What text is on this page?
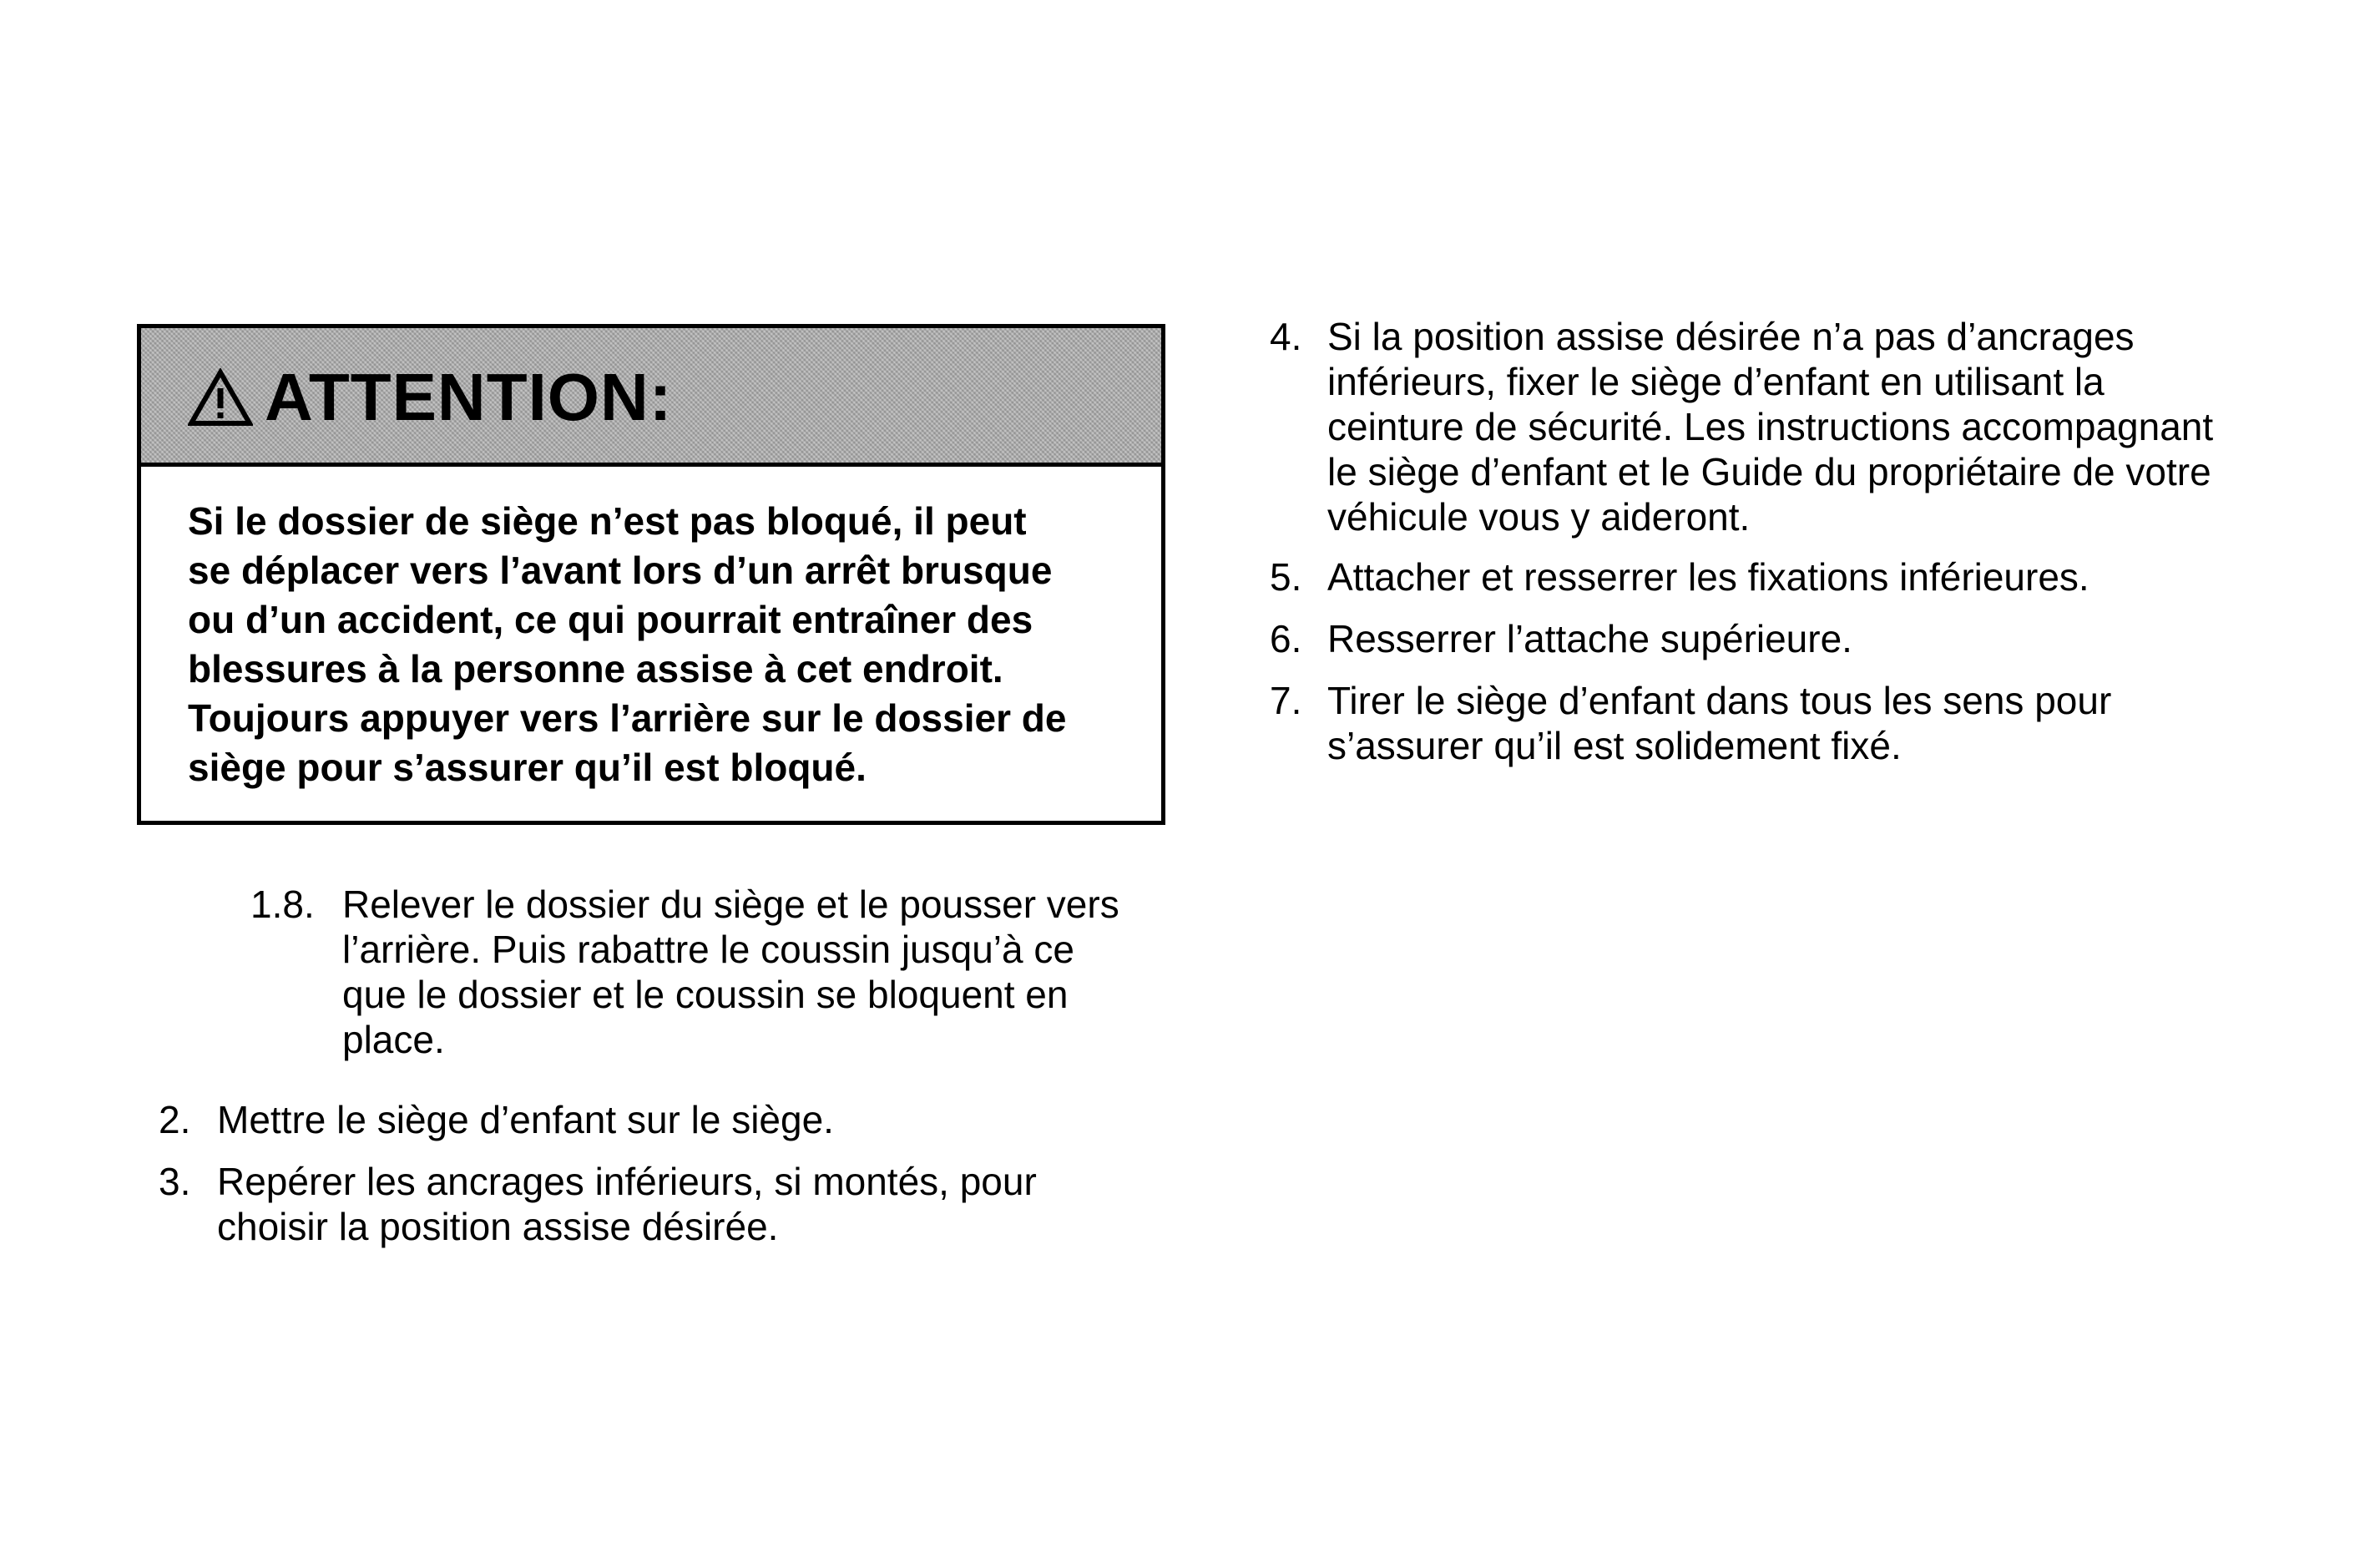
ATTENTION:
Si le dossier de siège n’est pas bloqué, il peut
se déplacer vers l’avant lors d’un arrêt brusque
ou d’un accident, ce qui pourrait entraîner des
blessures à la personne assise à cet endroit.
Toujours appuyer vers l’arrière sur le dossier de
siège pour s’assurer qu’il est bloqué.
1.8. Relever le dossier du siège et le pousser vers
l’arrière. Puis rabattre le coussin jusqu’à ce
que le dossier et le coussin se bloquent en
place.
2. Mettre le siège d’enfant sur le siège.
3. Repérer les ancrages inférieurs, si montés, pour
choisir la position assise désirée.
4. Si la position assise désirée n’a pas d’ancrages
inférieurs, fixer le siège d’enfant en utilisant la
ceinture de sécurité. Les instructions accompagnant
le siège d’enfant et le Guide du propriétaire de votre
véhicule vous y aideront.
5. Attacher et resserrer les fixations inférieures.
6. Resserrer l’attache supérieure.
7. Tirer le siège d’enfant dans tous les sens pour
s’assurer qu’il est solidement fixé.
